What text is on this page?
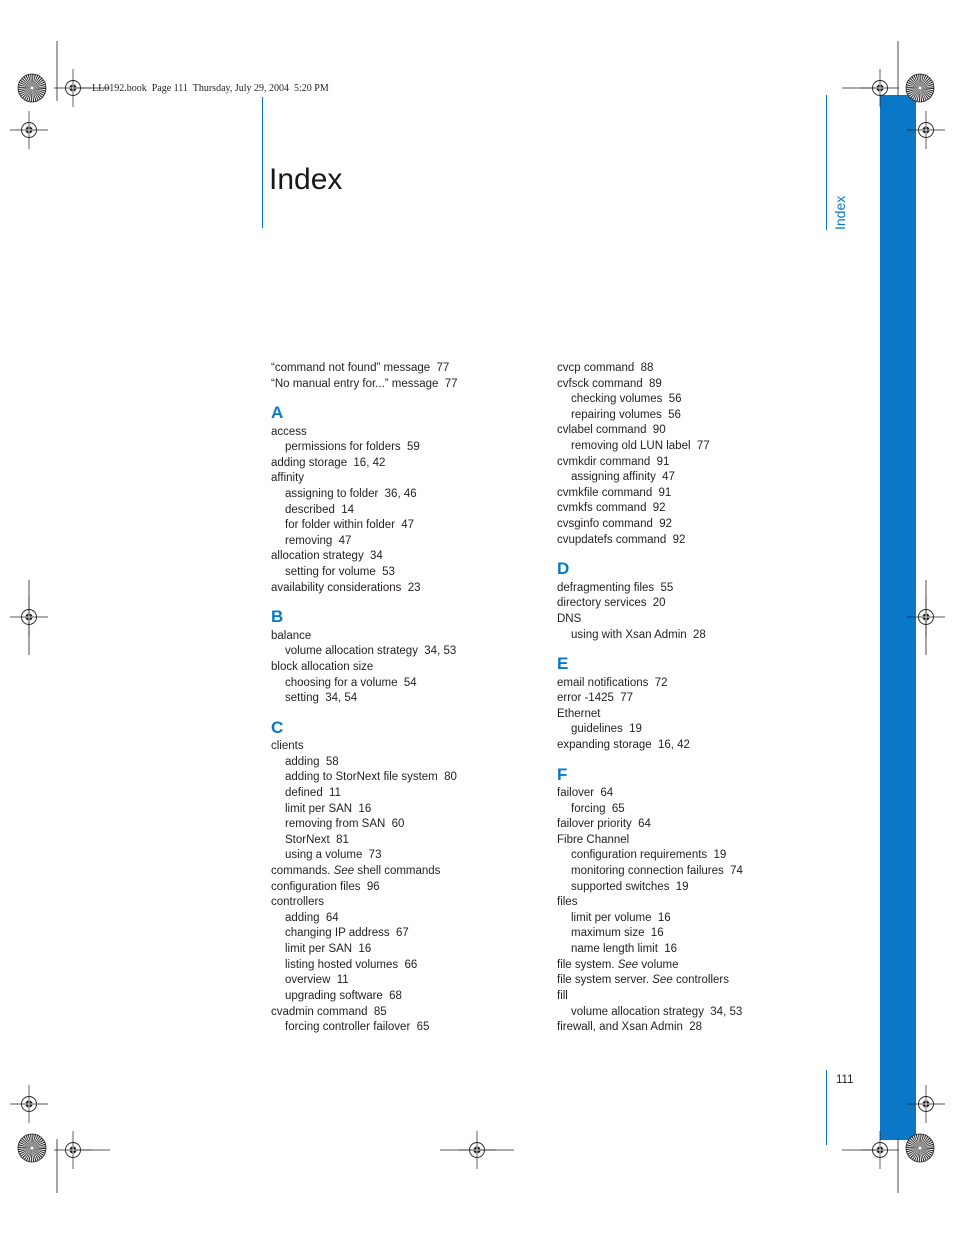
LL0192.book  Page 111  Thursday, July 29, 2004  5:20 PM
Index
Index
“command not found” message 77
“No manual entry for...” message 77
A
access
permissions for folders 59
adding storage 16, 42
affinity
assigning to folder 36, 46
described 14
for folder within folder 47
removing 47
allocation strategy 34
setting for volume 53
availability considerations 23
B
balance
volume allocation strategy 34, 53
block allocation size
choosing for a volume 54
setting 34, 54
C
clients
adding 58
adding to StorNext file system 80
defined 11
limit per SAN 16
removing from SAN 60
StorNext 81
using a volume 73
commands. See shell commands
configuration files 96
controllers
adding 64
changing IP address 67
limit per SAN 16
listing hosted volumes 66
overview 11
upgrading software 68
cvadmin command 85
forcing controller failover 65
cvcp command 88
cvfsck command 89
checking volumes 56
repairing volumes 56
cvlabel command 90
removing old LUN label 77
cvmkdir command 91
assigning affinity 47
cvmkfile command 91
cvmkfs command 92
cvsginfo command 92
cvupdatefs command 92
D
defragmenting files 55
directory services 20
DNS
using with Xsan Admin 28
E
email notifications 72
error -1425 77
Ethernet
guidelines 19
expanding storage 16, 42
F
failover 64
forcing 65
failover priority 64
Fibre Channel
configuration requirements 19
monitoring connection failures 74
supported switches 19
files
limit per volume 16
maximum size 16
name length limit 16
file system. See volume
file system server. See controllers
fill
volume allocation strategy 34, 53
firewall, and Xsan Admin 28
111
